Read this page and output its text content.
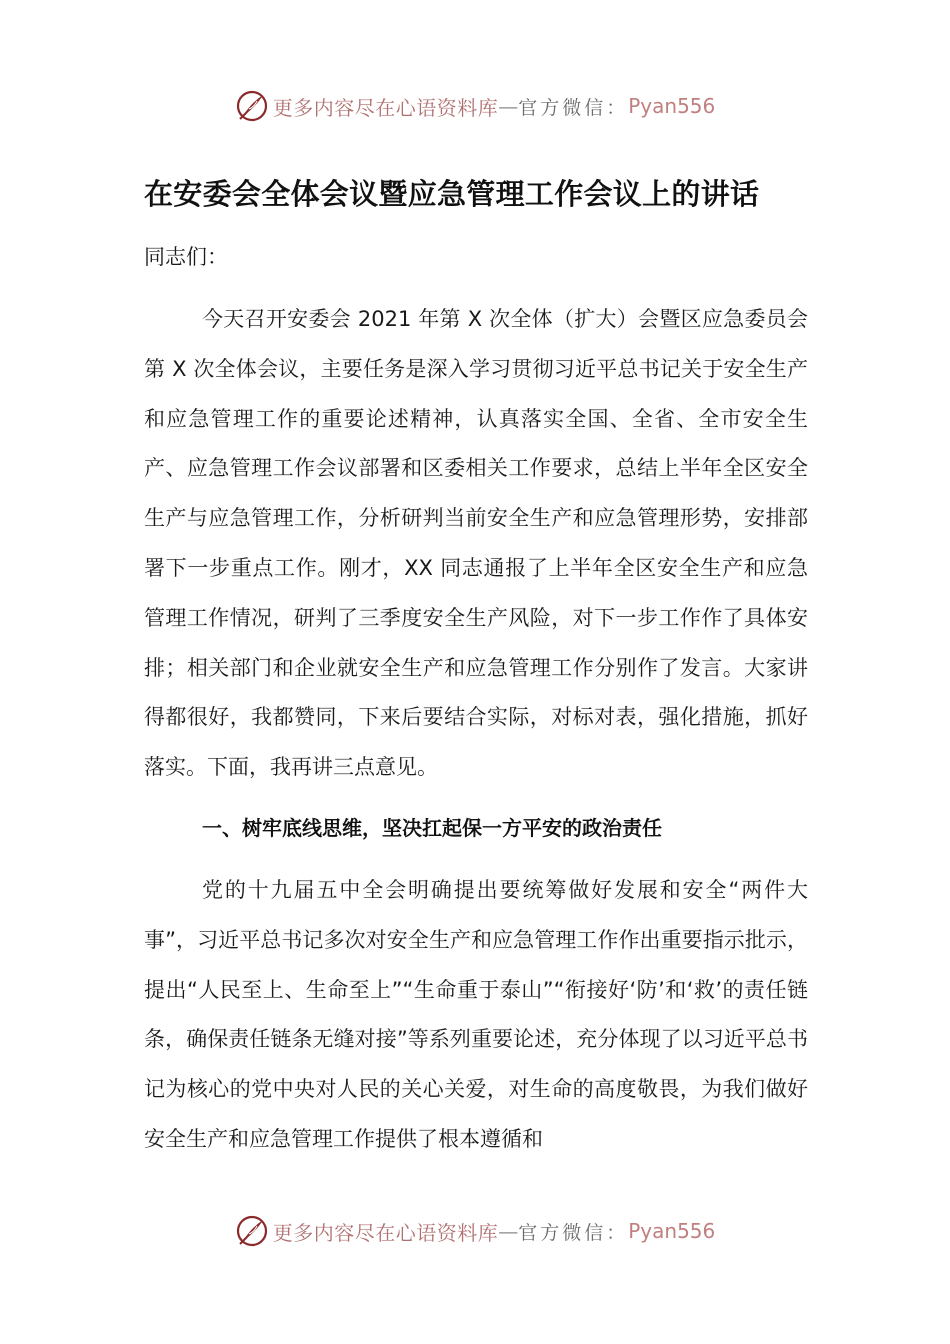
更多内容尽在心语资料库 — 官方微信： Pyan556
在安委会全体会议暨应急管理工作会议上的讲话
同志们：
今天召开安委会 2021 年第 X 次全体（扩大）会暨区应急委员会第 X 次全体会议，主要任务是深入学习贯彻习近平总书记关于安全生产和应急管理工作的重要论述精神，认真落实全国、全省、全市安全生产、应急管理工作会议部署和区委相关工作要求，总结上半年全区安全生产与应急管理工作，分析研判当前安全生产和应急管理形势，安排部署下一步重点工作。刚才，XX 同志通报了上半年全区安全生产和应急管理工作情况，研判了三季度安全生产风险，对下一步工作作了具体安排；相关部门和企业就安全生产和应急管理工作分别作了发言。大家讲得都很好，我都赞同，下来后要结合实际，对标对表，强化措施，抓好落实。下面，我再讲三点意见。
一、树牢底线思维，坚决扛起保一方平安的政治责任
党的十九届五中全会明确提出要统筹做好发展和安全“两件大事”，习近平总书记多次对安全生产和应急管理工作作出重要指示批示，提出“人民至上、生命至上”“生命重于泰山”“衔接好‘防’和‘救’的责任链条，确保责任链条无缝对接”等系列重要论述，充分体现了以习近平总书记为核心的党中央对人民的关心关爱，对生命的高度敬畏，为我们做好安全生产和应急管理工作提供了根本遵循和
更多内容尽在心语资料库 — 官方微信： Pyan556
